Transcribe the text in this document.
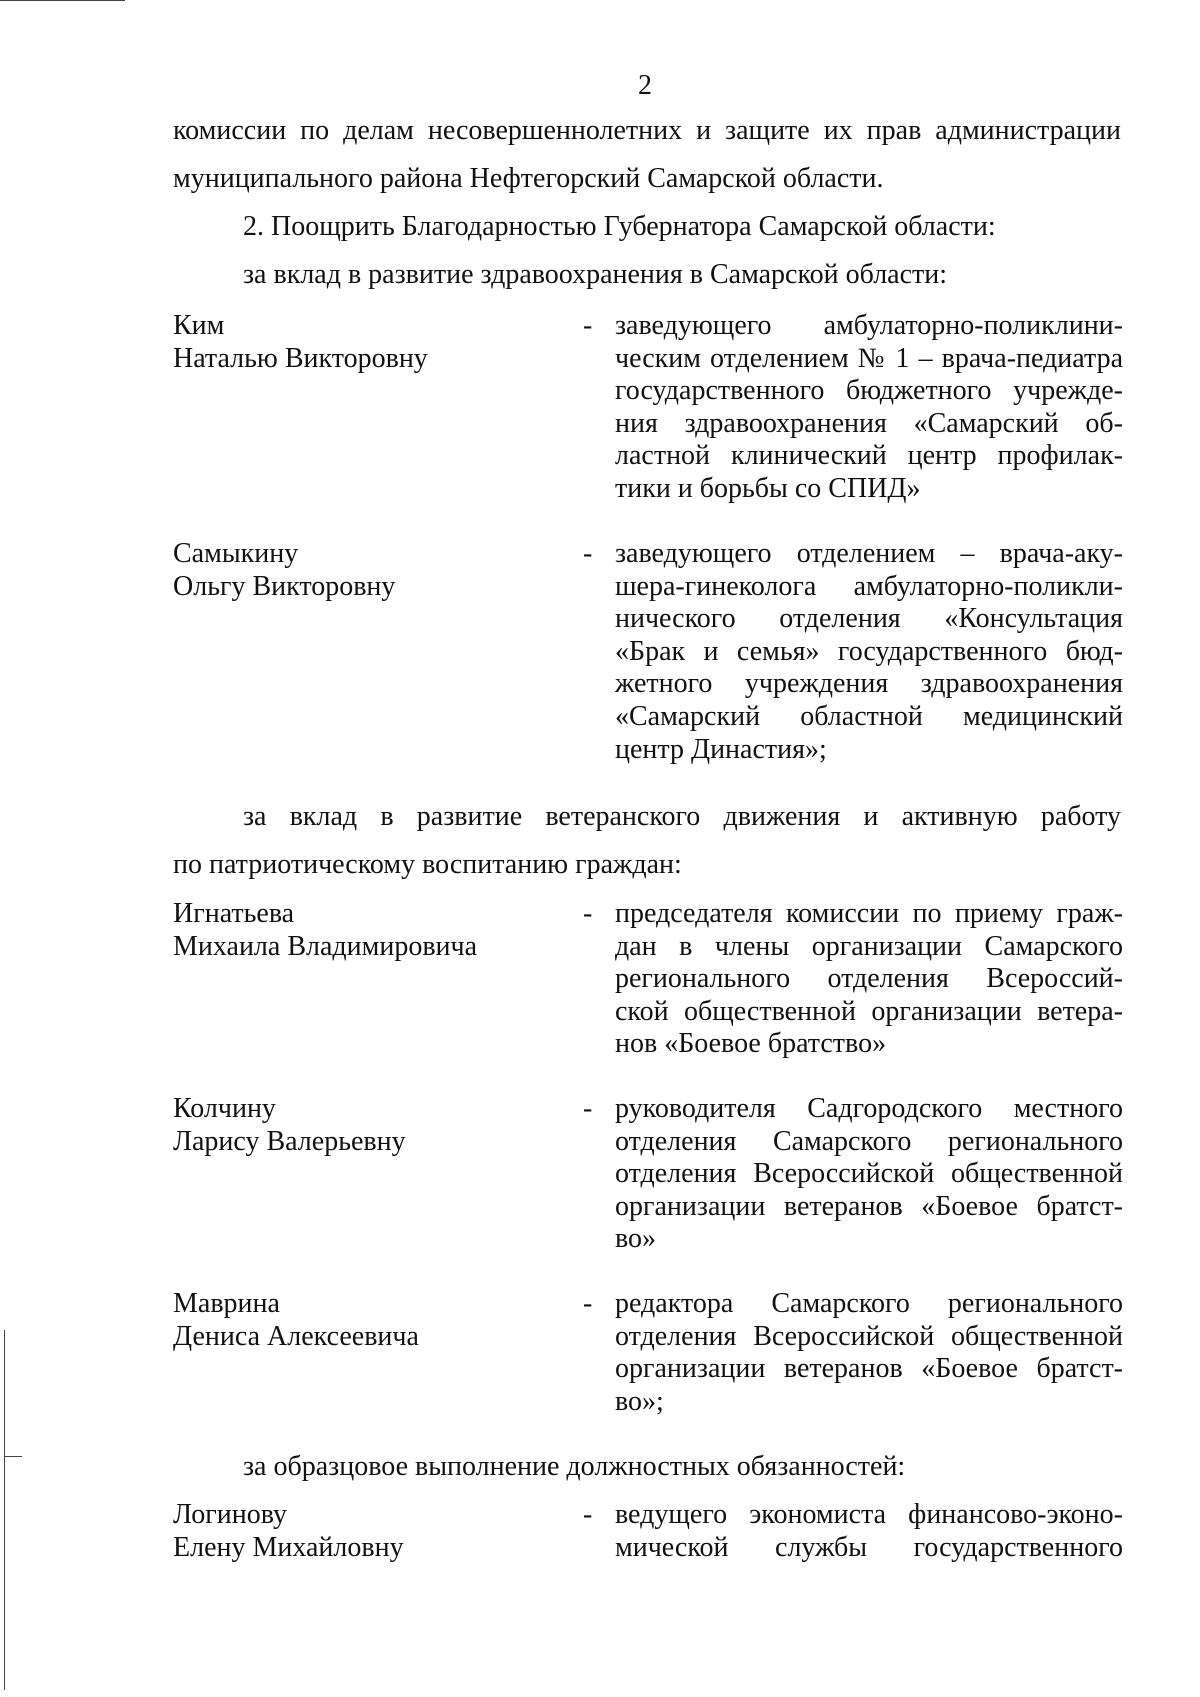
2
комиссии по делам несовершеннолетних и защите их прав администрации
муниципального района Нефтегорский Самарской области.
2. Поощрить Благодарностью Губернатора Самарской области:
за вклад в развитие здравоохранения в Самарской области:
Ким
Наталью Викторовну
- заведующего амбулаторно-поликлини-
ческим отделением № 1 – врача-педиатра
государственного бюджетного учрежде-
ния здравоохранения «Самарский об-
ластной клинический центр профилак-
тики и борьбы со СПИД»
Самыкину
Ольгу Викторовну
- заведующего отделением – врача-аку-
шера-гинеколога амбулаторно-поликли-
нического отделения «Консультация
«Брак и семья» государственного бюд-
жетного учреждения здравоохранения
«Самарский областной медицинский
центр Династия»;
за вклад в развитие ветеранского движения и активную работу
по патриотическому воспитанию граждан:
Игнатьева
Михаила Владимировича
- председателя комиссии по приему граж-
дан в члены организации Самарского
регионального отделения Всероссий-
ской общественной организации ветера-
нов «Боевое братство»
Колчину
Ларису Валерьевну
- руководителя Садгородского местного
отделения Самарского регионального
отделения Всероссийской общественной
организации ветеранов «Боевое братст-
во»
Маврина
Дениса Алексеевича
- редактора Самарского регионального
отделения Всероссийской общественной
организации ветеранов «Боевое братст-
во»;
за образцовое выполнение должностных обязанностей:
Логинову
Елену Михайловну
- ведущего экономиста финансово-эконо-
мической службы государственного
